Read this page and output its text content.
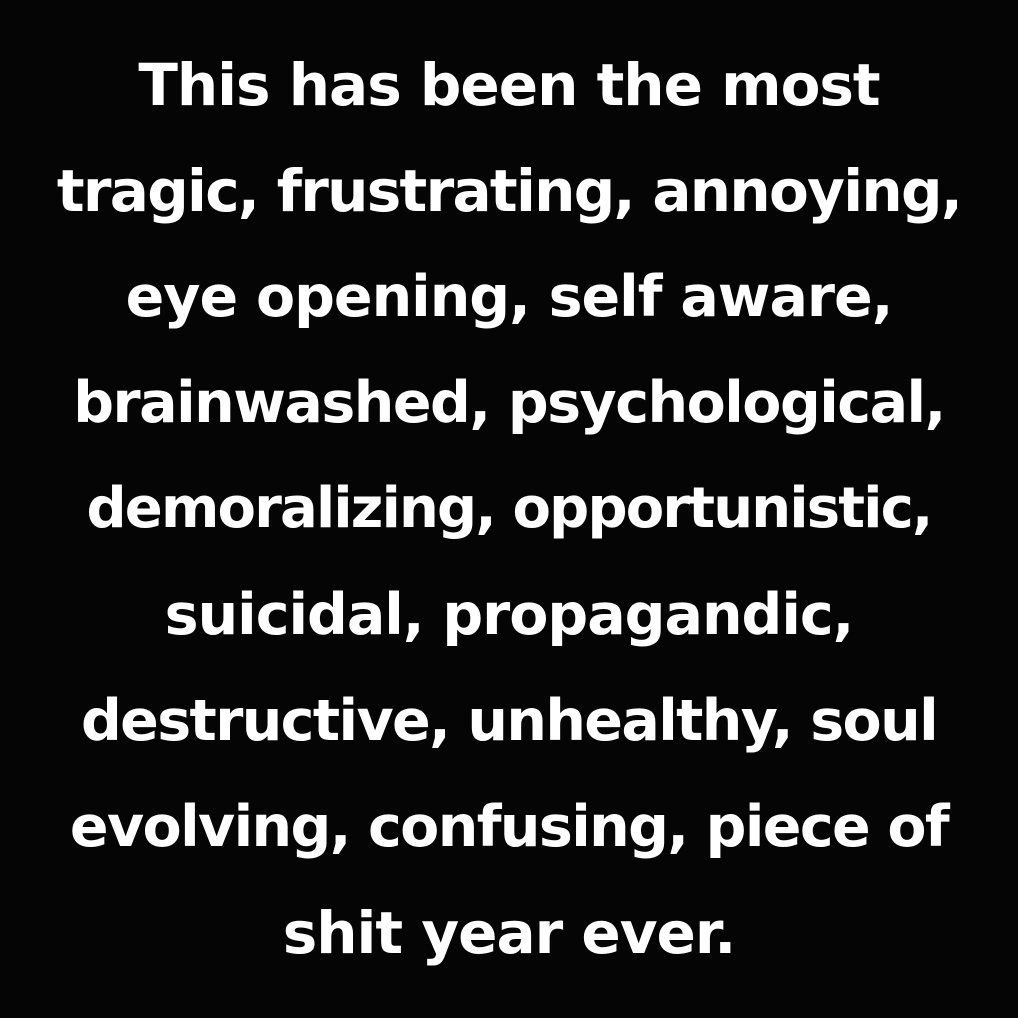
This has been the most
tragic, frustrating, annoying,
eye opening, self aware,
brainwashed, psychological,
demoralizing, opportunistic,
suicidal, propagandic,
destructive, unhealthy, soul
evolving, confusing, piece of
shit year ever.
